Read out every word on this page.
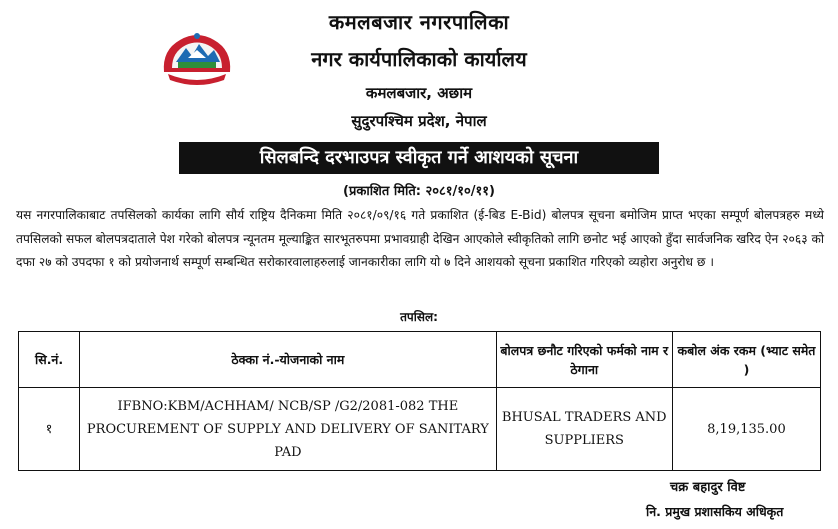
कमलबजार नगरपालिका
नगर कार्यपालिकाको कार्यालय
कमलबजार, अछाम
सुदुरपश्चिम प्रदेश, नेपाल
सिलबन्दि दरभाउपत्र स्वीकृत गर्ने आशयको सूचना
(प्रकाशित मिति: २०८१/१०/११)
यस नगरपालिकाबाट तपसिलको कार्यका लागि सौर्य राष्ट्रिय दैनिकमा मिति २०८१/०९/१६ गते प्रकाशित (ई-बिड E-Bid) बोलपत्र सूचना बमोजिम प्राप्त भएका सम्पूर्ण बोलपत्रहरु मध्ये तपसिलको सफल बोलपत्रदाताले पेश गरेको बोलपत्र न्यूनतम मूल्याङ्कित सारभूतरुपमा प्रभावग्राही देखिन आएकोले स्वीकृतिको लागि छनोट भई आएको हुँदा सार्वजनिक खरिद ऐन २०६३ को दफा २७ को उपदफा १ को प्रयोजनार्थ सम्पूर्ण सम्बन्धित सरोकारवालाहरुलाई जानकारीका लागि यो ७ दिने आशयको सूचना प्रकाशित गरिएको व्यहोरा अनुरोध छ ।
तपसिल:
सि.नं.	ठेक्का नं.-योजनाको नाम	बोलपत्र छनौट गरिएको फर्मको नाम र ठेगाना	कबोल अंक रकम (भ्याट समेत )
१	IFBNO:KBM/ACHHAM/ NCB/SP /G2/2081-082 THE PROCUREMENT OF SUPPLY AND DELIVERY OF SANITARY PAD	BHUSAL TRADERS AND SUPPLIERS	8,19,135.00
चक्र बहादुर विष्ट
नि. प्रमुख प्रशासकिय अधिकृत
